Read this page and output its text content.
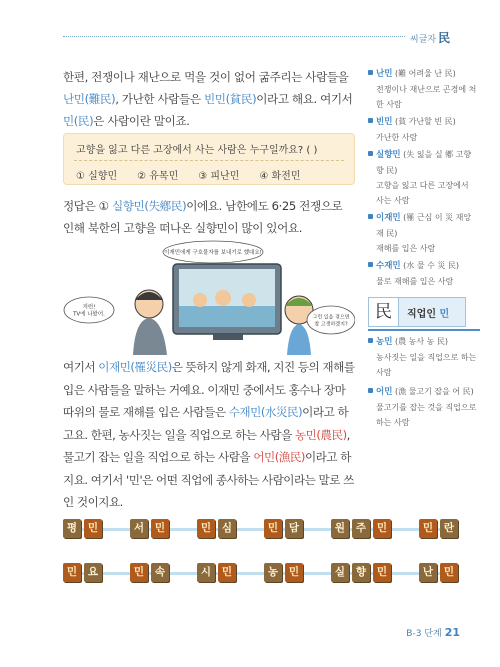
씨글자 民

한편, 전쟁이나 재난으로 먹을 것이 없어 굶주리는 사람들을 난민(難民), 가난한 사람들은 빈민(貧民)이라고 해요. 여기서 민(民)은 사람이란 말이죠.

고향을 잃고 다른 고장에서 사는 사람은 누구일까요? ( )
① 실향민 ② 유목민 ③ 피난민 ④ 화전민

정답은 ① 실향민(失鄕民)이에요. 남한에도 6·25 전쟁으로 인해 북한의 고향을 떠나온 실향민이 많이 있어요.

이재민에게 구호물자를 보내기로 했대요!
저런! TV에 나왔어.	그런 일을 겪으면 참 고생하겠지?

여기서 이재민(罹災民)은 뜻하지 않게 화재, 지진 등의 재해를 입은 사람들을 말하는 거예요. 이재민 중에서도 홍수나 장마 따위의 물로 재해를 입은 사람들은 수재민(水災民)이라고 하고요. 한편, 농사짓는 일을 직업으로 하는 사람을 농민(農民), 물고기 잡는 일을 직업으로 하는 사람을 어민(漁民)이라고 하지요. 여기서 '민'은 어떤 직업에 종사하는 사람이라는 말로 쓰인 것이지요.

난민 (難 어려울 난 民)
전쟁이나 재난으로 곤경에 처한 사람
빈민 (貧 가난할 빈 民)
가난한 사람
실향민 (失 잃을 실 鄕 고향 향 民)
고향을 잃고 다른 고장에서 사는 사람
이재민 (罹 근심 이 災 재앙 재 民)
재해를 입은 사람
수재민 (水 물 수 災 民)
물로 재해를 입은 사람
民	직업인 민
농민 (農 농사 농 民)
농사짓는 일을 직업으로 하는 사람
어민 (漁 물고기 잡을 어 民)
물고기를 잡는 것을 직업으로 하는 사람
평	민	서	민	민	심	민	담	원	주	민	민	란
민	요	민	속	시	민	농	민	실	향	민	난	민
B-3 단계 21
